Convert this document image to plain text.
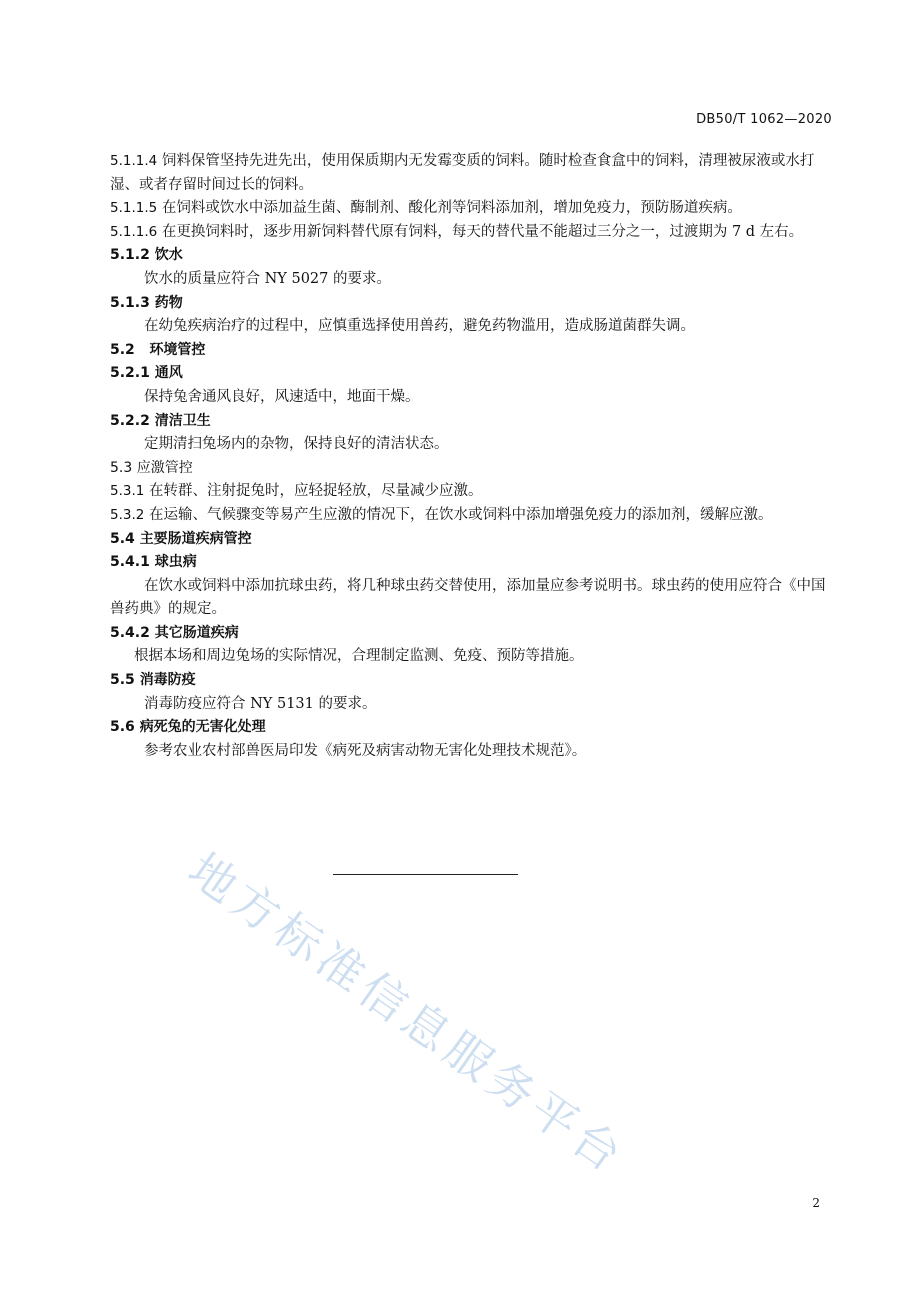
DB50/T 1062—2020
5.1.1.4 饲料保管坚持先进先出，使用保质期内无发霉变质的饲料。随时检查食盒中的饲料，清理被尿液或水打湿、或者存留时间过长的饲料。
5.1.1.5 在饲料或饮水中添加益生菌、酶制剂、酸化剂等饲料添加剂，增加免疫力，预防肠道疾病。
5.1.1.6 在更换饲料时，逐步用新饲料替代原有饲料，每天的替代量不能超过三分之一，过渡期为 7 d 左右。
5.1.2 饮水
饮水的质量应符合 NY 5027 的要求。
5.1.3 药物
在幼兔疾病治疗的过程中，应慎重选择使用兽药，避免药物滥用，造成肠道菌群失调。
5.2 环境管控
5.2.1 通风
保持兔舍通风良好，风速适中，地面干燥。
5.2.2 清洁卫生
定期清扫兔场内的杂物，保持良好的清洁状态。
5.3 应激管控
5.3.1 在转群、注射捉兔时，应轻捉轻放，尽量减少应激。
5.3.2 在运输、气候骤变等易产生应激的情况下，在饮水或饲料中添加增强免疫力的添加剂，缓解应激。
5.4 主要肠道疾病管控
5.4.1 球虫病
在饮水或饲料中添加抗球虫药，将几种球虫药交替使用，添加量应参考说明书。球虫药的使用应符合《中国兽药典》的规定。
5.4.2 其它肠道疾病
根据本场和周边兔场的实际情况，合理制定监测、免疫、预防等措施。
5.5 消毒防疫
消毒防疫应符合 NY 5131 的要求。
5.6 病死兔的无害化处理
参考农业农村部兽医局印发《病死及病害动物无害化处理技术规范》。
地方标准信息服务平台
2
